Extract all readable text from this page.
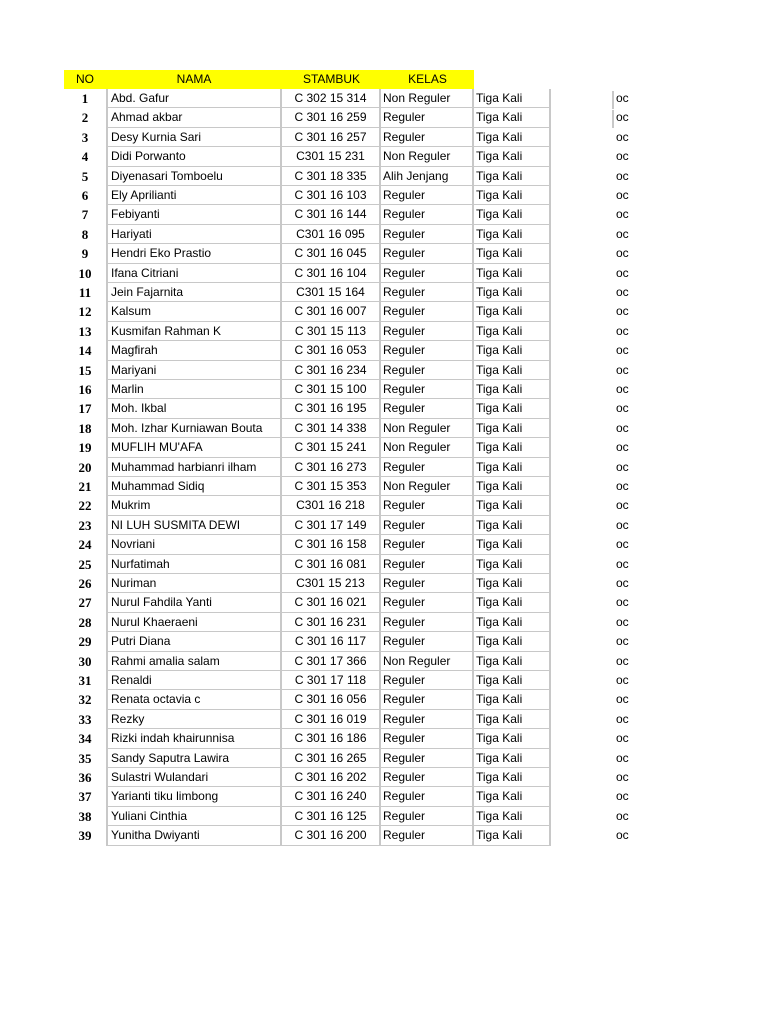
NO	NAMA	STAMBUK	KELAS
1	Abd. Gafur	C 302 15 314	Non Reguler	Tiga Kali	oc
2	Ahmad akbar	C 301 16 259	Reguler	Tiga Kali	oc
3	Desy Kurnia Sari	C 301 16 257	Reguler	Tiga Kali	oc
4	Didi Porwanto	C301 15 231	Non Reguler	Tiga Kali	oc
5	Diyenasari Tomboelu	C 301 18 335	Alih Jenjang	Tiga Kali	oc
6	Ely Aprilianti	C 301 16 103	Reguler	Tiga Kali	oc
7	Febiyanti	C 301 16 144	Reguler	Tiga Kali	oc
8	Hariyati	C301 16 095	Reguler	Tiga Kali	oc
9	Hendri Eko Prastio	C 301 16 045	Reguler	Tiga Kali	oc
10	Ifana Citriani	C 301 16 104	Reguler	Tiga Kali	oc
11	Jein Fajarnita	C301 15 164	Reguler	Tiga Kali	oc
12	Kalsum	C 301 16 007	Reguler	Tiga Kali	oc
13	Kusmifan Rahman K	C 301 15 113	Reguler	Tiga Kali	oc
14	Magfirah	C 301 16 053	Reguler	Tiga Kali	oc
15	Mariyani	C 301 16 234	Reguler	Tiga Kali	oc
16	Marlin	C 301 15 100	Reguler	Tiga Kali	oc
17	Moh. Ikbal	C 301 16 195	Reguler	Tiga Kali	oc
18	Moh. Izhar Kurniawan Bouta	C 301 14 338	Non Reguler	Tiga Kali	oc
19	MUFLIH MU'AFA	C 301 15 241	Non Reguler	Tiga Kali	oc
20	Muhammad harbianri ilham	C 301 16 273	Reguler	Tiga Kali	oc
21	Muhammad Sidiq	C 301 15 353	Non Reguler	Tiga Kali	oc
22	Mukrim	C301 16 218	Reguler	Tiga Kali	oc
23	NI LUH SUSMITA DEWI	C 301 17 149	Reguler	Tiga Kali	oc
24	Novriani	C 301 16 158	Reguler	Tiga Kali	oc
25	Nurfatimah	C 301 16 081	Reguler	Tiga Kali	oc
26	Nuriman	C301 15 213	Reguler	Tiga Kali	oc
27	Nurul Fahdila Yanti	C 301 16 021	Reguler	Tiga Kali	oc
28	Nurul Khaeraeni	C 301 16 231	Reguler	Tiga Kali	oc
29	Putri Diana	C 301 16 117	Reguler	Tiga Kali	oc
30	Rahmi amalia salam	C 301 17 366	Non Reguler	Tiga Kali	oc
31	Renaldi	C 301 17 118	Reguler	Tiga Kali	oc
32	Renata octavia c	C 301 16 056	Reguler	Tiga Kali	oc
33	Rezky	C 301 16 019	Reguler	Tiga Kali	oc
34	Rizki indah khairunnisa	C 301 16 186	Reguler	Tiga Kali	oc
35	Sandy Saputra Lawira	C 301 16 265	Reguler	Tiga Kali	oc
36	Sulastri Wulandari	C 301 16 202	Reguler	Tiga Kali	oc
37	Yarianti tiku limbong	C 301 16 240	Reguler	Tiga Kali	oc
38	Yuliani Cinthia	C 301 16 125	Reguler	Tiga Kali	oc
39	Yunitha Dwiyanti	C 301 16 200	Reguler	Tiga Kali	oc
